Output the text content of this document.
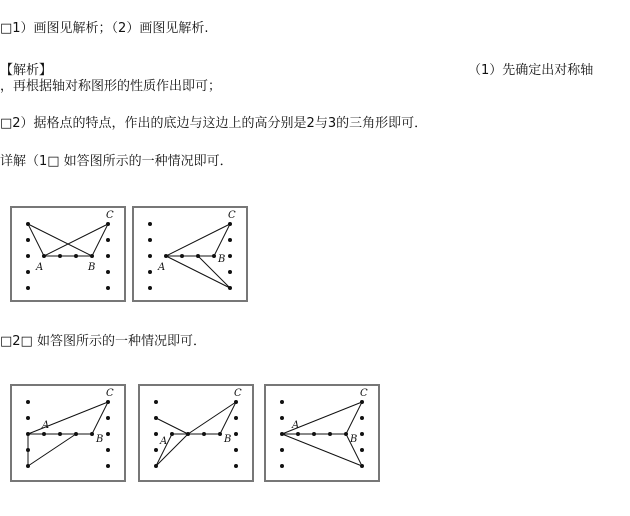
□1）画图见解析；（2）画图见解析.
【解析】	（1）先确定出对称轴
，再根据轴对称图形的性质作出即可；
□2）据格点的特点，作出的底边与这边上的高分别是2与3的三角形即可．
详解（1□ 如答图所示的一种情况即可．
A	B
C
A
B
C
□2□ 如答图所示的一种情况即可．
A
B
C
A	B
C
A
B
C
